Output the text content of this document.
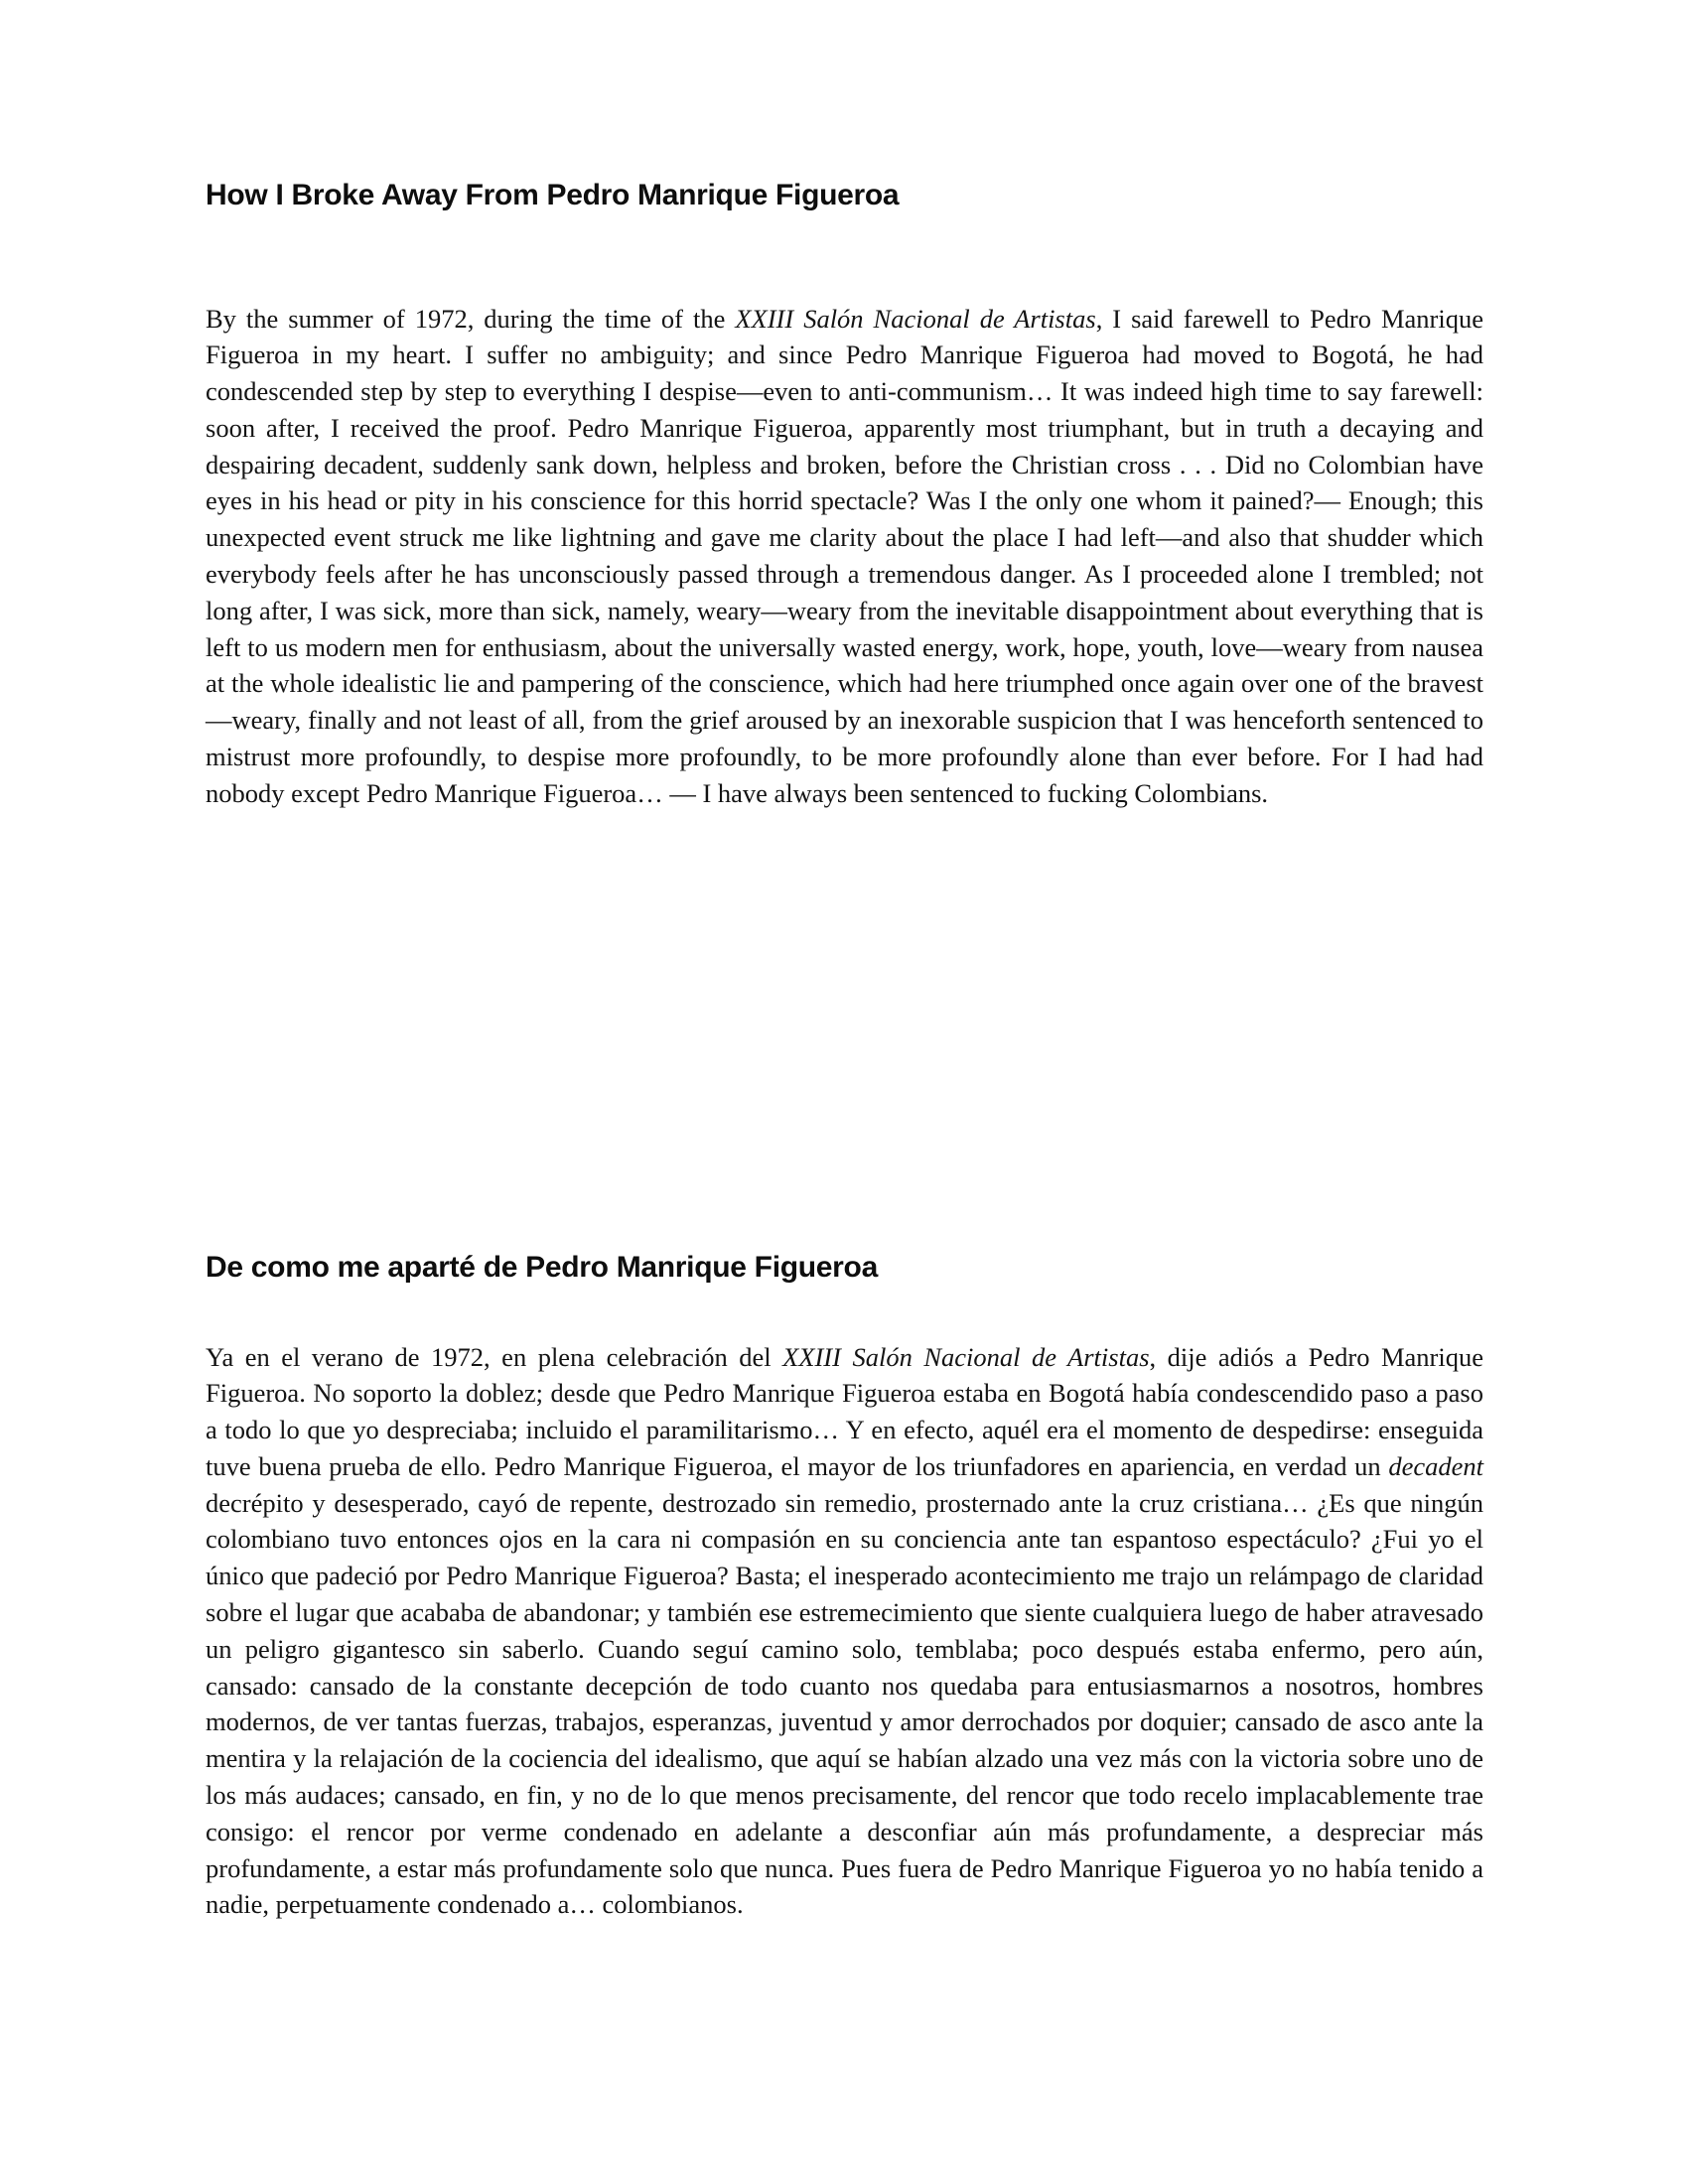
How I Broke Away From Pedro Manrique Figueroa

By the summer of 1972, during the time of the XXIII Salón Nacional de Artistas, I said farewell to Pedro Manrique Figueroa in my heart. I suffer no ambiguity; and since Pedro Manrique Figueroa had moved to Bogotá, he had condescended step by step to everything I despise—even to anti-communism… It was indeed high time to say farewell: soon after, I received the proof. Pedro Manrique Figueroa, apparently most triumphant, but in truth a decaying and despairing decadent, suddenly sank down, helpless and broken, before the Christian cross . . . Did no Colombian have eyes in his head or pity in his conscience for this horrid spectacle? Was I the only one whom it pained?— Enough; this unexpected event struck me like lightning and gave me clarity about the place I had left—and also that shudder which everybody feels after he has unconsciously passed through a tremendous danger. As I proceeded alone I trembled; not long after, I was sick, more than sick, namely, weary—weary from the inevitable disappointment about everything that is left to us modern men for enthusiasm, about the universally wasted energy, work, hope, youth, love—weary from nausea at the whole idealistic lie and pampering of the conscience, which had here triumphed once again over one of the bravest—weary, finally and not least of all, from the grief aroused by an inexorable suspicion that I was henceforth sentenced to mistrust more profoundly, to despise more profoundly, to be more profoundly alone than ever before. For I had had nobody except Pedro Manrique Figueroa… — I have always been sentenced to fucking Colombians.

De como me aparté de Pedro Manrique Figueroa

Ya en el verano de 1972, en plena celebración del XXIII Salón Nacional de Artistas, dije adiós a Pedro Manrique Figueroa. No soporto la doblez; desde que Pedro Manrique Figueroa estaba en Bogotá había condescendido paso a paso a todo lo que yo despreciaba; incluido el paramilitarismo… Y en efecto, aquél era el momento de despedirse: enseguida tuve buena prueba de ello. Pedro Manrique Figueroa, el mayor de los triunfadores en apariencia, en verdad un decadent decrépito y desesperado, cayó de repente, destrozado sin remedio, prosternado ante la cruz cristiana… ¿Es que ningún colombiano tuvo entonces ojos en la cara ni compasión en su conciencia ante tan espantoso espectáculo? ¿Fui yo el único que padeció por Pedro Manrique Figueroa? Basta; el inesperado acontecimiento me trajo un relámpago de claridad sobre el lugar que acababa de abandonar; y también ese estremecimiento que siente cualquiera luego de haber atravesado un peligro gigantesco sin saberlo. Cuando seguí camino solo, temblaba; poco después estaba enfermo, pero aún, cansado: cansado de la constante decepción de todo cuanto nos quedaba para entusiasmarnos a nosotros, hombres modernos, de ver tantas fuerzas, trabajos, esperanzas, juventud y amor derrochados por doquier; cansado de asco ante la mentira y la relajación de la cociencia del idealismo, que aquí se habían alzado una vez más con la victoria sobre uno de los más audaces; cansado, en fin, y no de lo que menos precisamente, del rencor que todo recelo implacablemente trae consigo: el rencor por verme condenado en adelante a desconfiar aún más profundamente, a despreciar más profundamente, a estar más profundamente solo que nunca. Pues fuera de Pedro Manrique Figueroa yo no había tenido a nadie, perpetuamente condenado a… colombianos.
